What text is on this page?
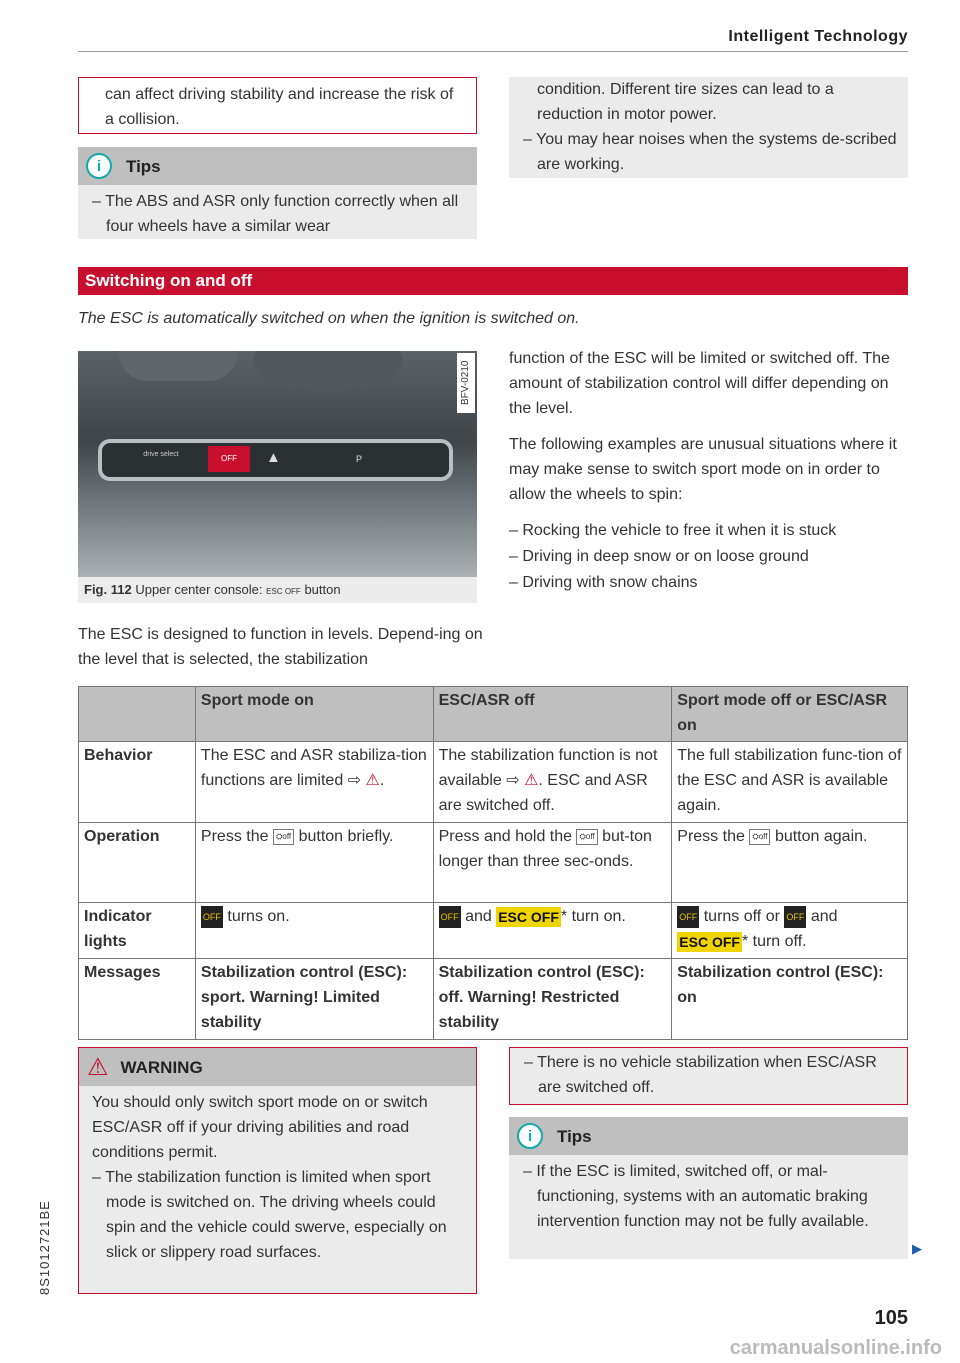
Intelligent Technology
can affect driving stability and increase the risk of a collision.
i	Tips
– The ABS and ASR only function correctly when all four wheels have a similar wear
condition. Different tire sizes can lead to a reduction in motor power.
– You may hear noises when the systems de-scribed are working.
Switching on and off
The ESC is automatically switched on when the ignition is switched on.
OFF
drive select	▲	P
BFV-0210
Fig. 112 Upper center console: ESC OFF button
The ESC is designed to function in levels. Depend-ing on the level that is selected, the stabilization

function of the ESC will be limited or switched off. The amount of stabilization control will differ depending on the level.

The following examples are unusual situations where it may make sense to switch sport mode on in order to allow the wheels to spin:

– Rocking the vehicle to free it when it is stuck
– Driving in deep snow or on loose ground
– Driving with snow chains
	Sport mode on	ESC/ASR off	Sport mode off or ESC/ASR on
Behavior	The ESC and ASR stabiliza-tion functions are limited ⇨ ⚠.	The stabilization function is not available ⇨ ⚠. ESC and ASR are switched off.	The full stabilization func-tion of the ESC and ASR is available again.
Operation	Press the ⛭off button briefly.	Press and hold the ⛭off but-ton longer than three sec-onds.	Press the ⛭off button again.
Indicator lights	OFF turns on.	OFF and ESC OFF * turn on.	OFF turns off or OFF and
ESC OFF * turn off.
Messages	Stabilization control (ESC): sport. Warning! Limited stability	Stabilization control (ESC): off. Warning! Restricted stability	Stabilization control (ESC): on
⚠ WARNING

You should only switch sport mode on or switch ESC/ASR off if your driving abilities and road conditions permit.

– The stabilization function is limited when sport mode is switched on. The driving wheels could spin and the vehicle could swerve, especially on slick or slippery road surfaces.
– There is no vehicle stabilization when ESC/ASR are switched off.
i	Tips
– If the ESC is limited, switched off, or mal-functioning, systems with an automatic braking intervention function may not be fully available.
▶
8S1012721BE
105
carmanualsonline.info
